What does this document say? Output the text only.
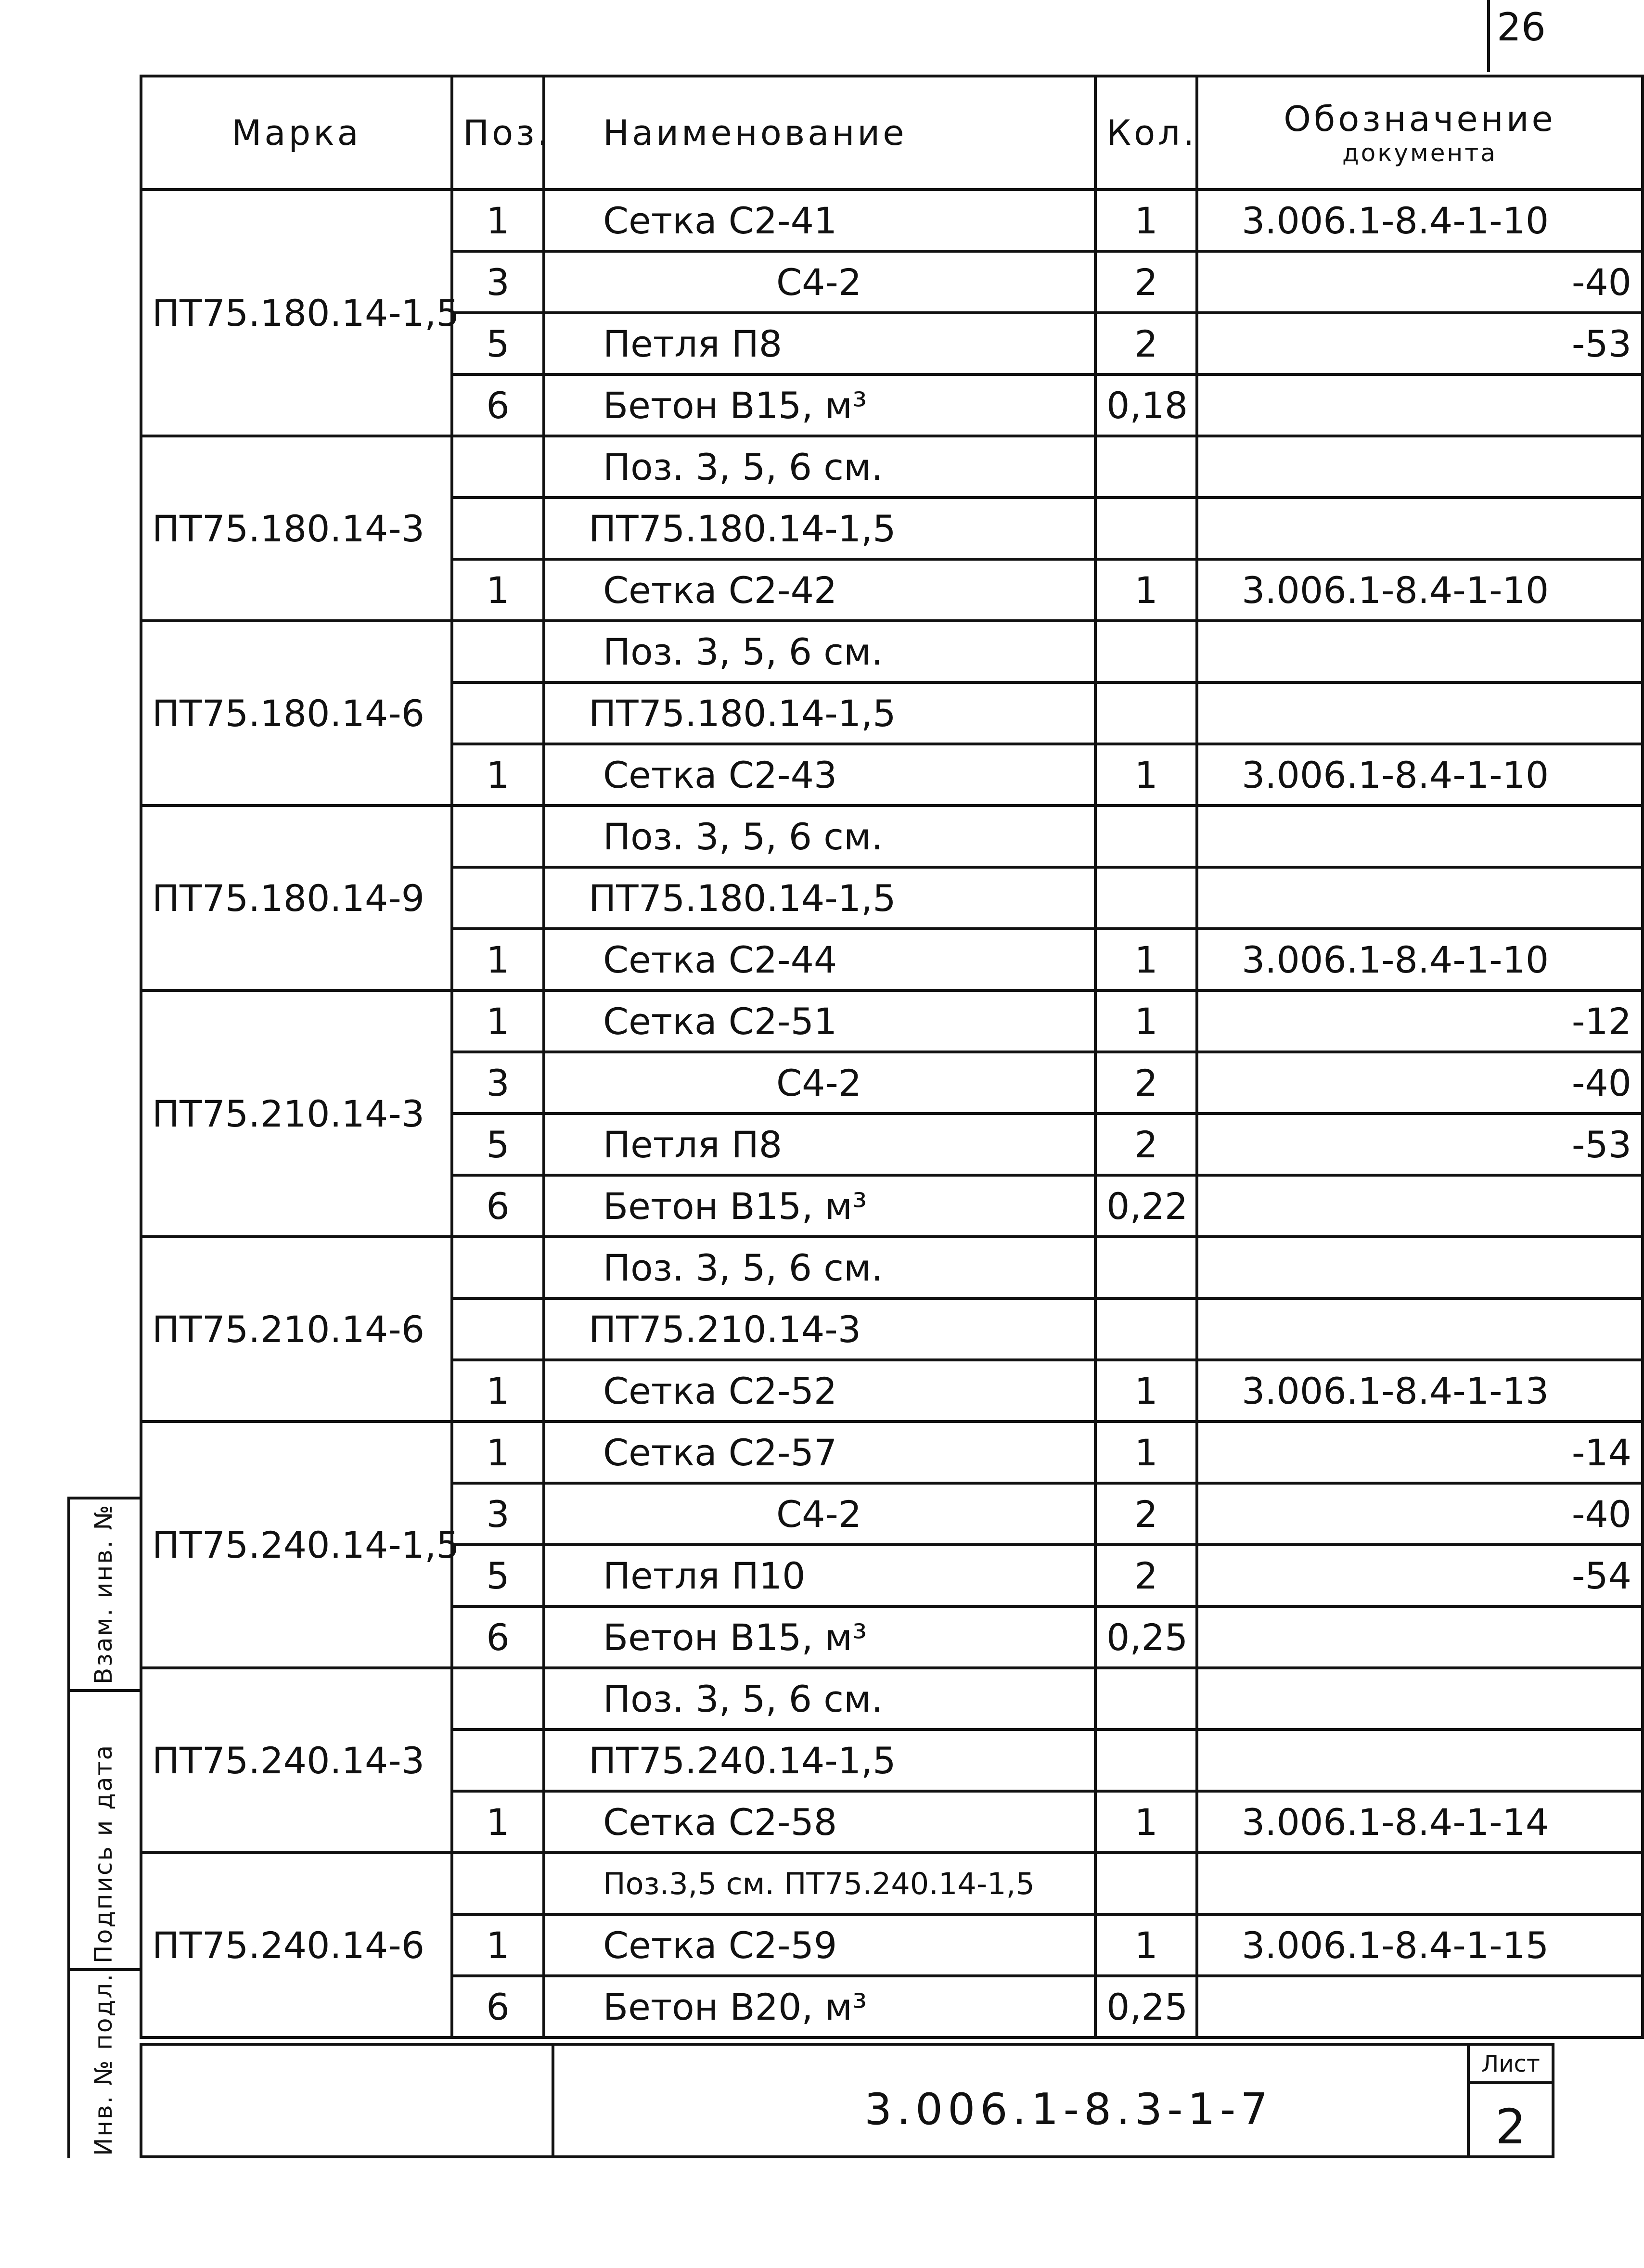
26
Марка	Поз.	Наименование	Кол.	Обозначение
документа

ПТ75.180.14-1,5	1	Сетка С2-41	1	3.006.1-8.4-1-10
	3	С4-2	2	-40
	5	Петля П8	2	-53
	6	Бетон В15, м³	0,18	
ПТ75.180.14-3		Поз. 3, 5, 6 см.		
		ПТ75.180.14-1,5		
	1	Сетка С2-42	1	3.006.1-8.4-1-10
ПТ75.180.14-6		Поз. 3, 5, 6 см.		
		ПТ75.180.14-1,5		
	1	Сетка С2-43	1	3.006.1-8.4-1-10
ПТ75.180.14-9		Поз. 3, 5, 6 см.		
		ПТ75.180.14-1,5		
	1	Сетка С2-44	1	3.006.1-8.4-1-10
ПТ75.210.14-3	1	Сетка С2-51	1	-12
	3	С4-2	2	-40
	5	Петля П8	2	-53
	6	Бетон В15, м³	0,22	
ПТ75.210.14-6		Поз. 3, 5, 6 см.		
		ПТ75.210.14-3		
	1	Сетка С2-52	1	3.006.1-8.4-1-13
ПТ75.240.14-1,5	1	Сетка С2-57	1	-14
	3	С4-2	2	-40
	5	Петля П10	2	-54
	6	Бетон В15, м³	0,25	
ПТ75.240.14-3		Поз. 3, 5, 6 см.		
		ПТ75.240.14-1,5		
	1	Сетка С2-58	1	3.006.1-8.4-1-14
ПТ75.240.14-6		Поз.3,5 см. ПТ75.240.14-1,5		
	1	Сетка С2-59	1	3.006.1-8.4-1-15
	6	Бетон В20, м³	0,25	
3.006.1-8.3-1-7
Лист
2
Взам. инв. №
Подпись и дата
Инв. № подл.
